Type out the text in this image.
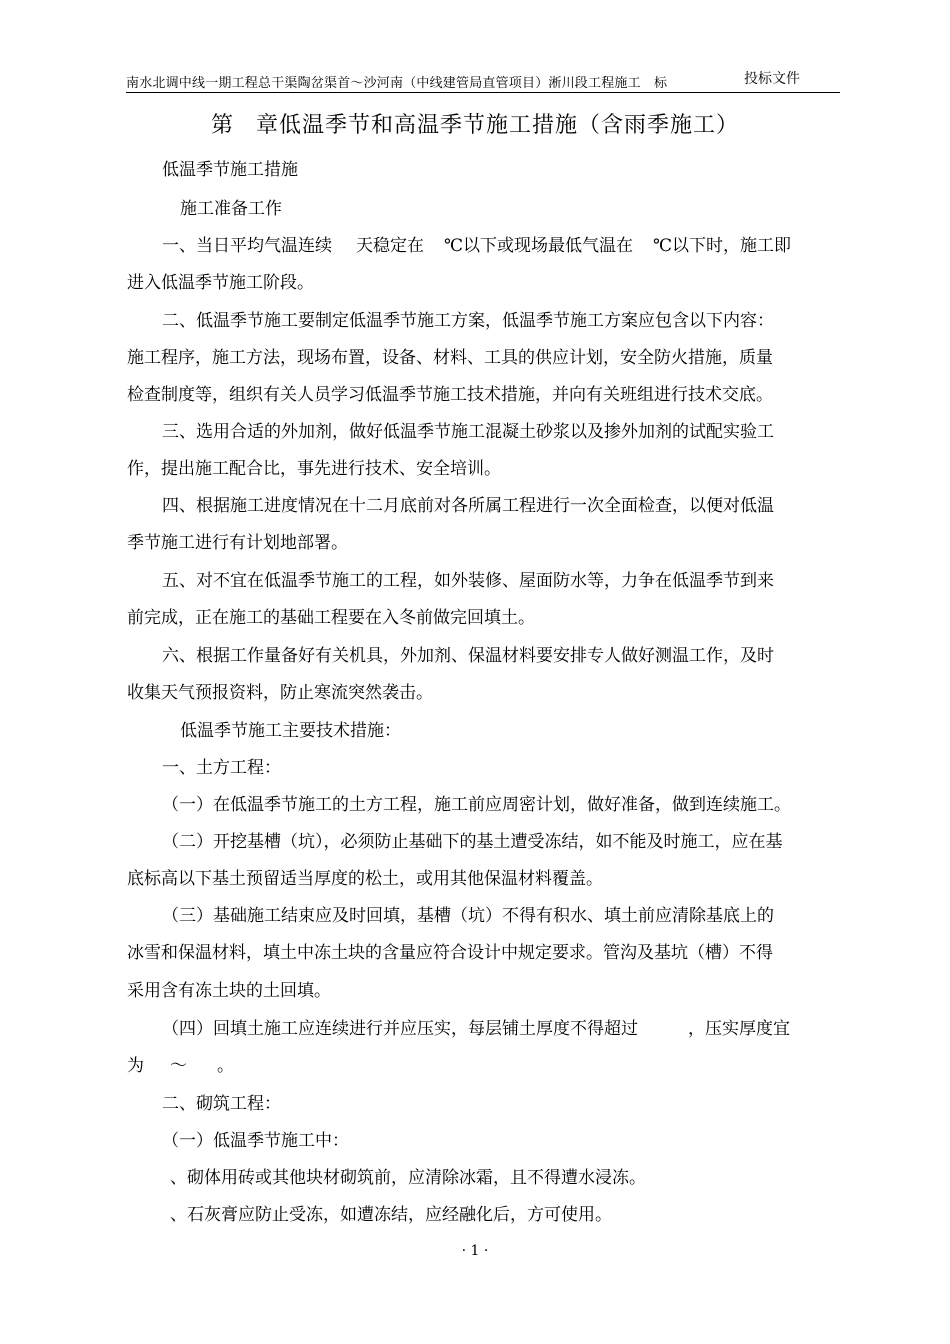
南水北调中线一期工程总干渠陶岔渠首～沙河南（中线建管局直管项目）淅川段工程施工　标	投标文件
第 章低温季节和高温季节施工措施（含雨季施工）
低温季节施工措施
施工准备工作
一、当日平均气温连续 天稳定在 ℃以下或现场最低气温在 ℃以下时，施工即
进入低温季节施工阶段。
二、低温季节施工要制定低温季节施工方案，低温季节施工方案应包含以下内容：
施工程序，施工方法，现场布置，设备、材料、工具的供应计划，安全防火措施，质量
检查制度等，组织有关人员学习低温季节施工技术措施，并向有关班组进行技术交底。
三、选用合适的外加剂，做好低温季节施工混凝土砂浆以及掺外加剂的试配实验工
作，提出施工配合比，事先进行技术、安全培训。
四、根据施工进度情况在十二月底前对各所属工程进行一次全面检查，以便对低温
季节施工进行有计划地部署。
五、对不宜在低温季节施工的工程，如外装修、屋面防水等，力争在低温季节到来
前完成，正在施工的基础工程要在入冬前做完回填土。
六、根据工作量备好有关机具，外加剂、保温材料要安排专人做好测温工作，及时
收集天气预报资料，防止寒流突然袭击。
低温季节施工主要技术措施：
一、土方工程：
（一）在低温季节施工的土方工程，施工前应周密计划，做好准备，做到连续施工。
（二）开挖基槽（坑），必须防止基础下的基土遭受冻结，如不能及时施工，应在基
底标高以下基土预留适当厚度的松土，或用其他保温材料覆盖。
（三）基础施工结束应及时回填，基槽（坑）不得有积水、填土前应清除基底上的
冰雪和保温材料，填土中冻土块的含量应符合设计中规定要求。管沟及基坑（槽）不得
采用含有冻土块的土回填。
（四）回填土施工应连续进行并应压实，每层铺土厚度不得超过	，压实厚度宜
为 ～ 。
二、砌筑工程：
（一）低温季节施工中：
、砌体用砖或其他块材砌筑前，应清除冰霜，且不得遭水浸冻。
、石灰膏应防止受冻，如遭冻结，应经融化后，方可使用。
· 1 ·
